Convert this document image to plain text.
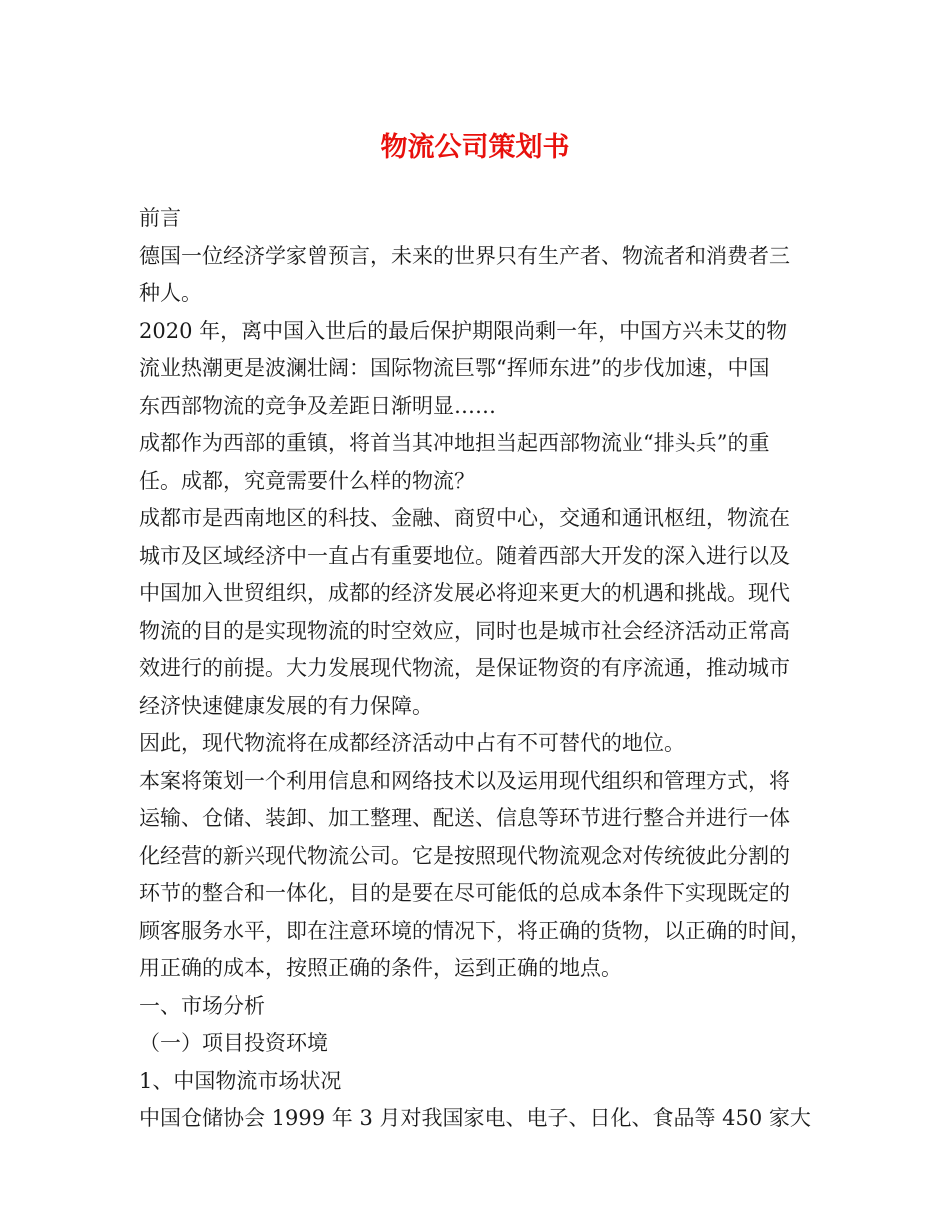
物流公司策划书
前言
德国一位经济学家曾预言，未来的世界只有生产者、物流者和消费者三
种人。
2020 年，离中国入世后的最后保护期限尚剩一年，中国方兴未艾的物
流业热潮更是波澜壮阔：国际物流巨鄂“挥师东进”的步伐加速，中国
东西部物流的竞争及差距日渐明显……
成都作为西部的重镇，将首当其冲地担当起西部物流业“排头兵”的重
任。成都，究竟需要什么样的物流？
成都市是西南地区的科技、金融、商贸中心，交通和通讯枢纽，物流在
城市及区域经济中一直占有重要地位。随着西部大开发的深入进行以及
中国加入世贸组织，成都的经济发展必将迎来更大的机遇和挑战。现代
物流的目的是实现物流的时空效应，同时也是城市社会经济活动正常高
效进行的前提。大力发展现代物流，是保证物资的有序流通，推动城市
经济快速健康发展的有力保障。
因此，现代物流将在成都经济活动中占有不可替代的地位。
本案将策划一个利用信息和网络技术以及运用现代组织和管理方式，将
运输、仓储、装卸、加工整理、配送、信息等环节进行整合并进行一体
化经营的新兴现代物流公司。它是按照现代物流观念对传统彼此分割的
环节的整合和一体化，目的是要在尽可能低的总成本条件下实现既定的
顾客服务水平，即在注意环境的情况下，将正确的货物，以正确的时间，
用正确的成本，按照正确的条件，运到正确的地点。
一、市场分析
（一）项目投资环境
1、中国物流市场状况
中国仓储协会 1999 年 3 月对我国家电、电子、日化、食品等 450 家大
